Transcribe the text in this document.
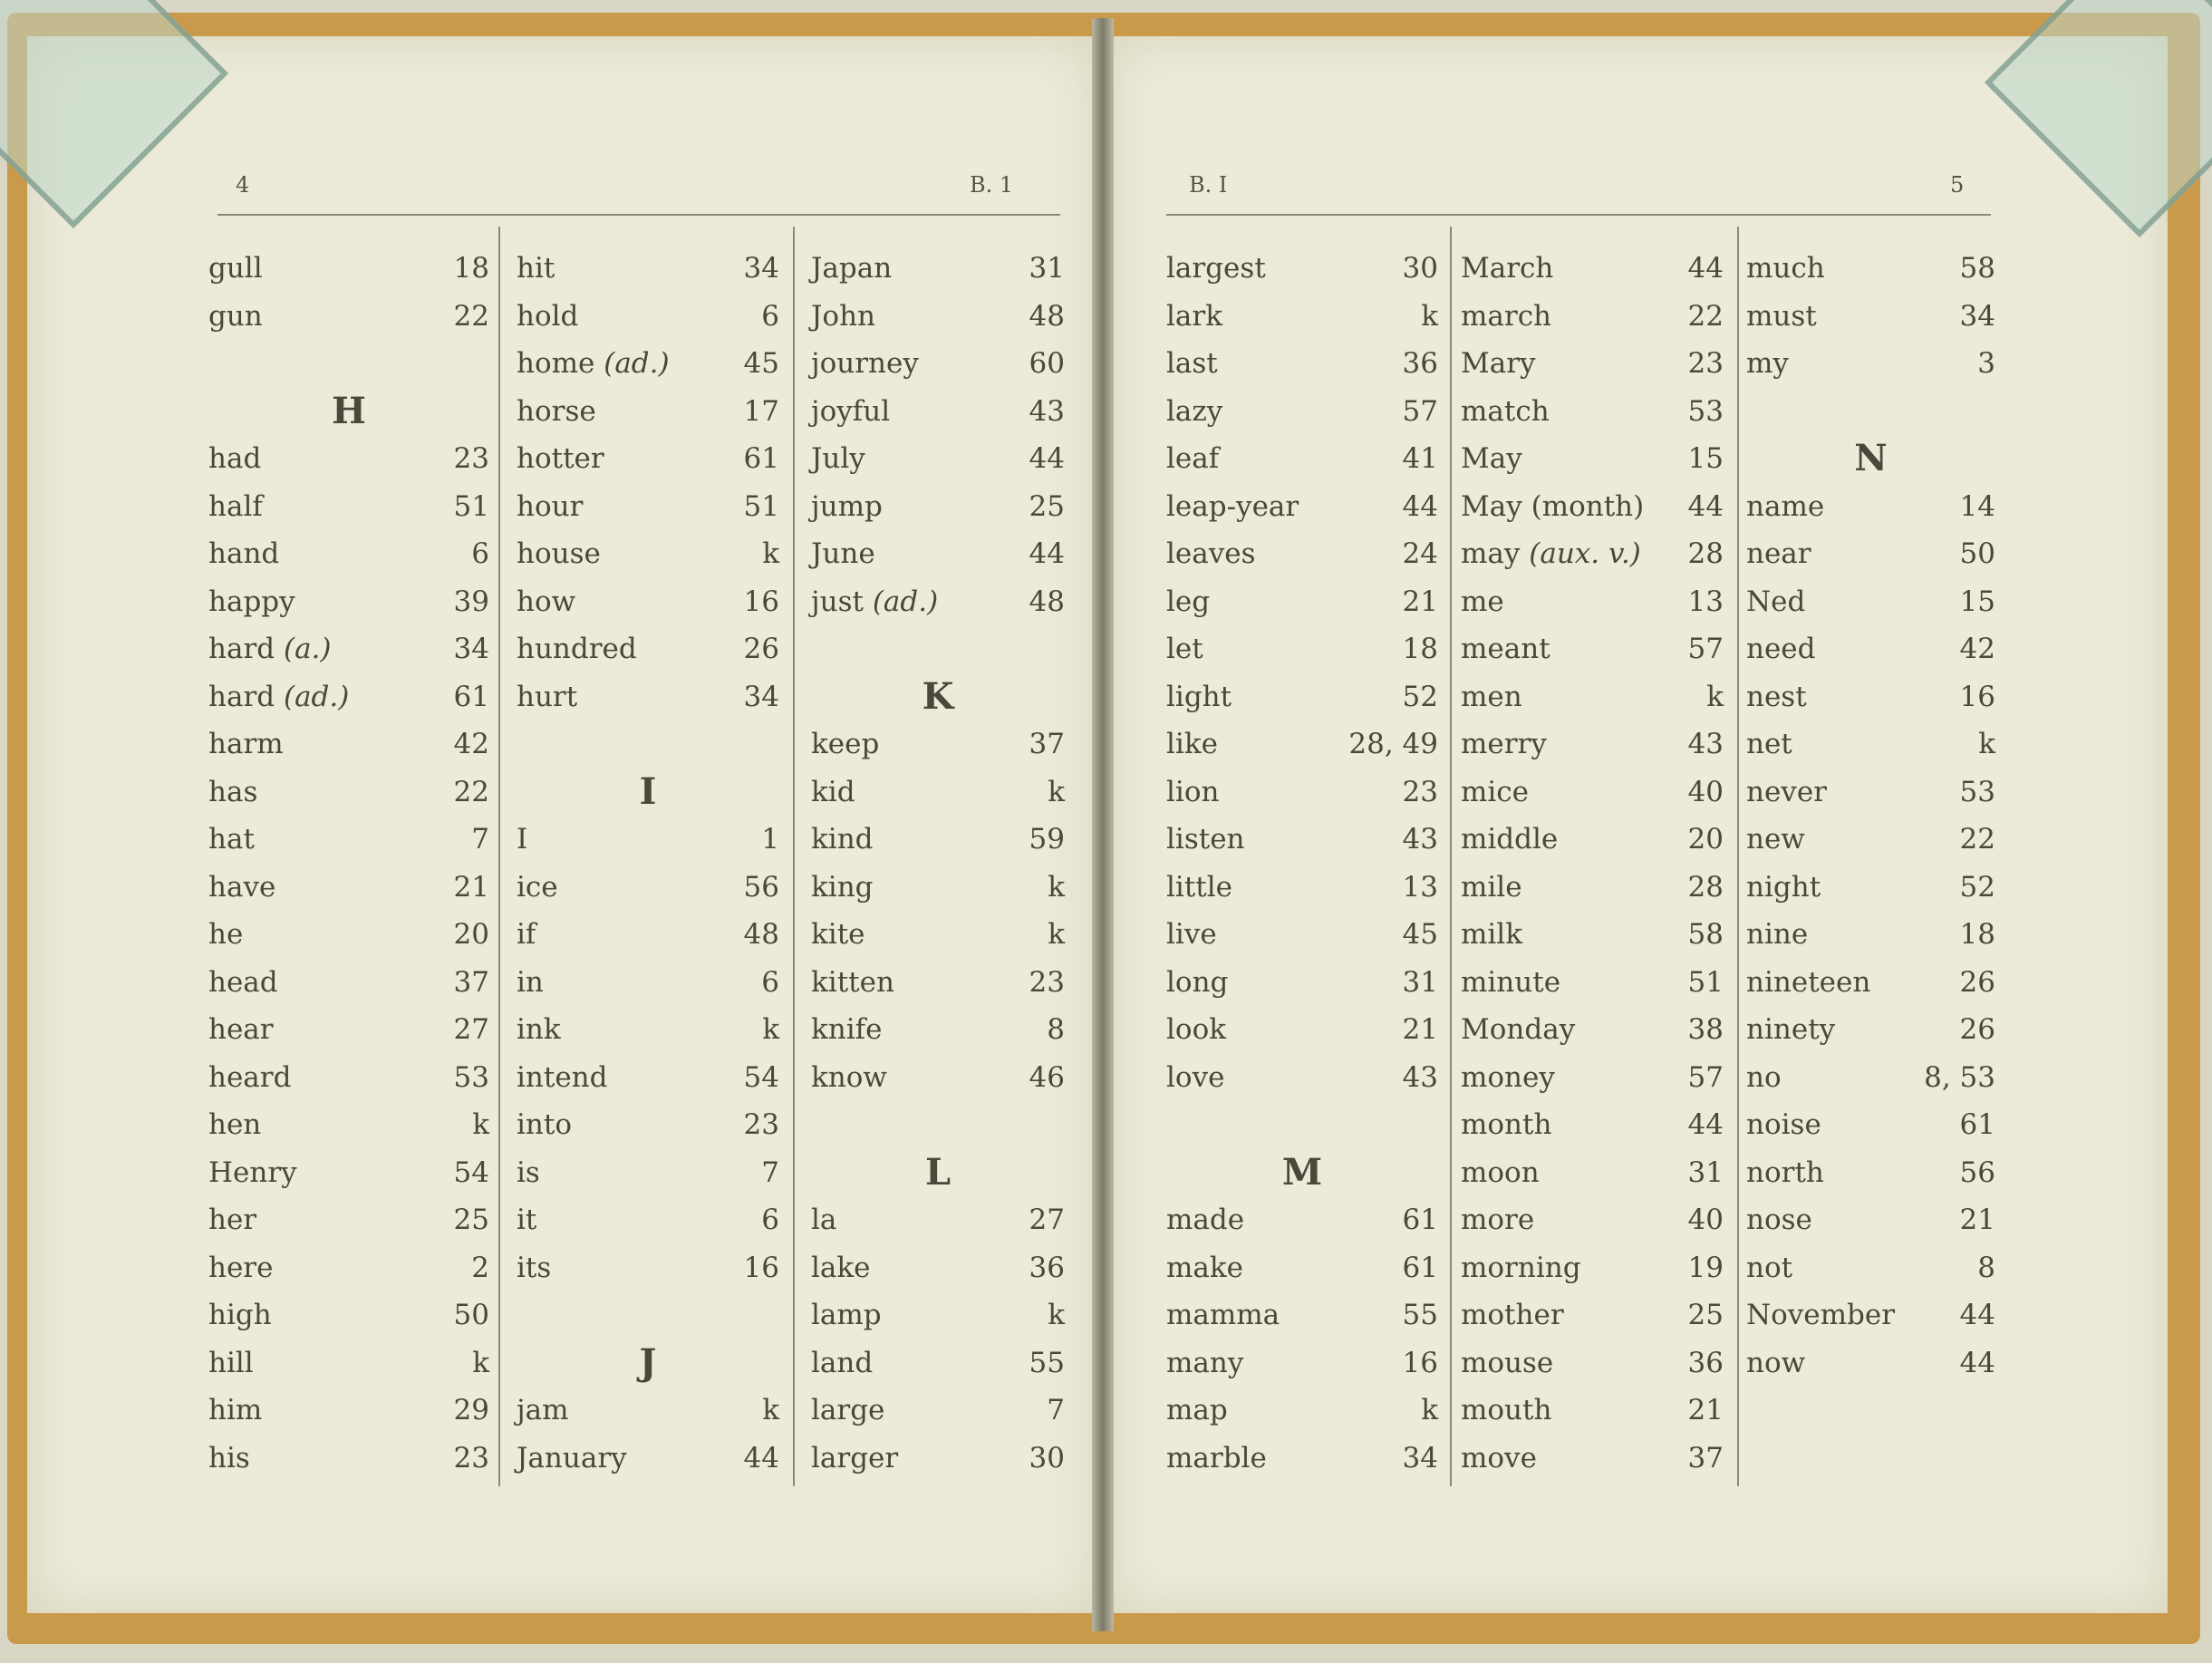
4	B. 1
gull	18
gun	22
H
had	23
half	51
hand	6
happy	39
hard (a.)	34
hard (ad.)	61
harm	42
has	22
hat	7
have	21
he	20
head	37
hear	27
heard	53
hen	k
Henry	54
her	25
here	2
high	50
hill	k
him	29
his	23
hit	34
hold	6
home (ad.)	45
horse	17
hotter	61
hour	51
house	k
how	16
hundred	26
hurt	34
I
I	1
ice	56
if	48
in	6
ink	k
intend	54
into	23
is	7
it	6
its	16
J
jam	k
January	44
Japan	31
John	48
journey	60
joyful	43
July	44
jump	25
June	44
just (ad.)	48
K
keep	37
kid	k
kind	59
king	k
kite	k
kitten	23
knife	8
know	46
L
la	27
lake	36
lamp	k
land	55
large	7
larger	30
B. I	5
largest	30
lark	k
last	36
lazy	57
leaf	41
leap-year	44
leaves	24
leg	21
let	18
light	52
like	28, 49
lion	23
listen	43
little	13
live	45
long	31
look	21
love	43
M
made	61
make	61
mamma	55
many	16
map	k
marble	34
March	44
march	22
Mary	23
match	53
May	15
May (month) 44
may (aux. v.) 28
me	13
meant	57
men	k
merry	43
mice	40
middle	20
mile	28
milk	58
minute	51
Monday	38
money	57
month	44
moon	31
more	40
morning	19
mother	25
mouse	36
mouth	21
move	37
much	58
must	34
my	3
N
name	14
near	50
Ned	15
need	42
nest	16
net	k
never	53
new	22
night	52
nine	18
nineteen	26
ninety	26
no	8, 53
noise	61
north	56
nose	21
not	8
November 44
now	44
